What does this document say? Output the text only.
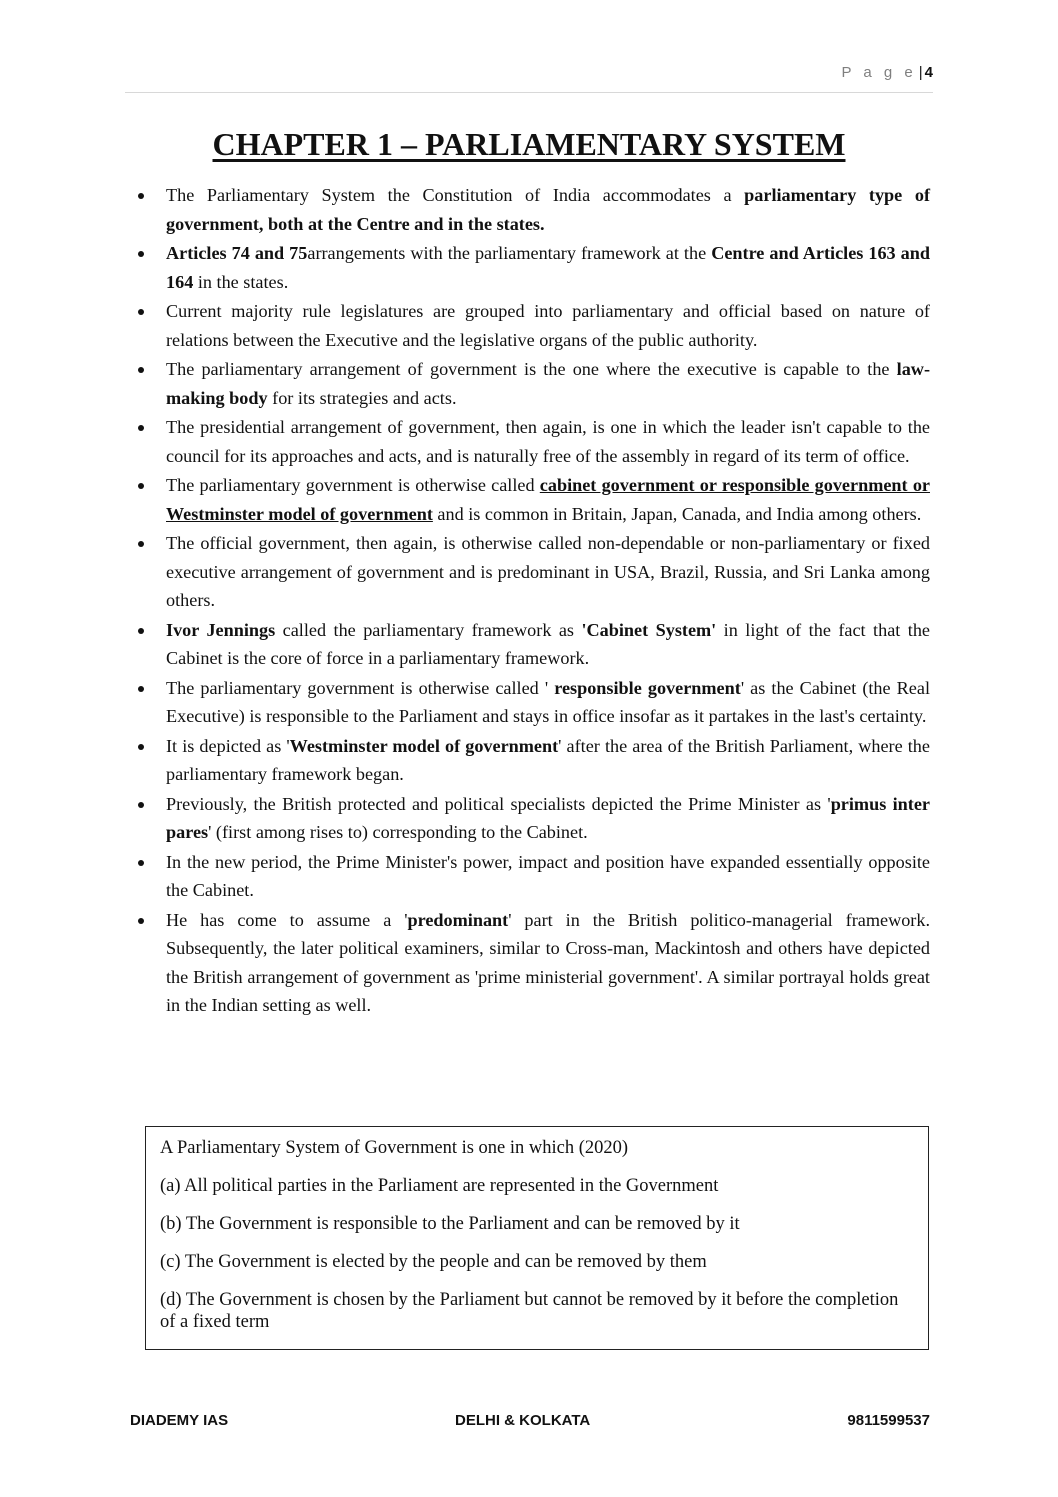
P a g e | 4
CHAPTER 1 – PARLIAMENTARY SYSTEM
The Parliamentary System the Constitution of India accommodates a parliamentary type of government, both at the Centre and in the states.
Articles 74 and 75arrangements with the parliamentary framework at the Centre and Articles 163 and 164 in the states.
Current majority rule legislatures are grouped into parliamentary and official based on nature of relations between the Executive and the legislative organs of the public authority.
The parliamentary arrangement of government is the one where the executive is capable to the law-making body for its strategies and acts.
The presidential arrangement of government, then again, is one in which the leader isn't capable to the council for its approaches and acts, and is naturally free of the assembly in regard of its term of office.
The parliamentary government is otherwise called cabinet government or responsible government or Westminster model of government and is common in Britain, Japan, Canada, and India among others.
The official government, then again, is otherwise called non-dependable or non-parliamentary or fixed executive arrangement of government and is predominant in USA, Brazil, Russia, and Sri Lanka among others.
Ivor Jennings called the parliamentary framework as 'Cabinet System' in light of the fact that the Cabinet is the core of force in a parliamentary framework.
The parliamentary government is otherwise called ' responsible government' as the Cabinet (the Real Executive) is responsible to the Parliament and stays in office insofar as it partakes in the last's certainty.
It is depicted as 'Westminster model of government' after the area of the British Parliament, where the parliamentary framework began.
Previously, the British protected and political specialists depicted the Prime Minister as 'primus inter pares' (first among rises to) corresponding to the Cabinet.
In the new period, the Prime Minister's power, impact and position have expanded essentially opposite the Cabinet.
He has come to assume a 'predominant' part in the British politico-managerial framework. Subsequently, the later political examiners, similar to Cross-man, Mackintosh and others have depicted the British arrangement of government as 'prime ministerial government'. A similar portrayal holds great in the Indian setting as well.

A Parliamentary System of Government is one in which (2020)

(a) All political parties in the Parliament are represented in the Government

(b) The Government is responsible to the Parliament and can be removed by it

(c) The Government is elected by the people and can be removed by them

(d) The Government is chosen by the Parliament but cannot be removed by it before the completion of a fixed term

DIADEMY IAS	DELHI & KOLKATA	9811599537
